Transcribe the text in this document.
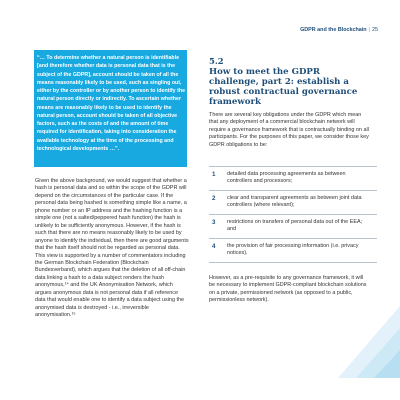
GDPR and the Blockchain | 25

“… To determine whether a natural person is identifiable [and therefore whether data is personal data that is the subject of the GDPR], account should be taken of all the means reasonably likely to be used, such as singling out, either by the controller or by another person to identify the natural person directly or indirectly. To ascertain whether means are reasonably likely to be used to identify the natural person, account should be taken of all objective factors, such as the costs of and the amount of time required for identification, taking into consideration the available technology at the time of the processing and technological developments …”.

Given the above background, we would suggest that whether a hash is personal data and so within the scope of the GDPR will depend on the circumstances of the particular case. If the personal data being hashed is something simple like a name, a phone number or an IP address and the hashing function is a simple one (not a salted/peppered hash function) the hash is unlikely to be sufficiently anonymous. However, if the hash is such that there are no means reasonably likely to be used by anyone to identify the individual, then there are good arguments that the hash itself should not be regarded as personal data. This view is supported by a number of commentators including the German Blockchain Federation (Blockchain Bundesverband), which argues that the deletion of all off-chain data linking a hash to a data subject renders the hash anonymous,¹⁴ and the UK Anonymisation Network, which argues anonymous data is not personal data if all reference data that would enable one to identify a data subject using the anonymised data is destroyed - i.e., irreversible anonymisation.¹⁵

5.2
How to meet the GDPR challenge, part 2: establish a robust contractual governance framework

There are several key obligations under the GDPR which mean that any deployment of a commercial blockchain network will require a governance framework that is contractually binding on all participants. For the purposes of this paper, we consider those key GDPR obligations to be:

1	detailed data processing agreements as between controllers and processors;
2	clear and transparent agreements as between joint data controllers (where relevant);
3	restrictions on transfers of personal data out of the EEA; and
4	the provision of fair processing information (i.e. privacy notices).

However, as a pre-requisite to any governance framework, it will be necessary to implement GDPR-compliant blockchain solutions on a private, permissioned network (as opposed to a public, permissionless network).
